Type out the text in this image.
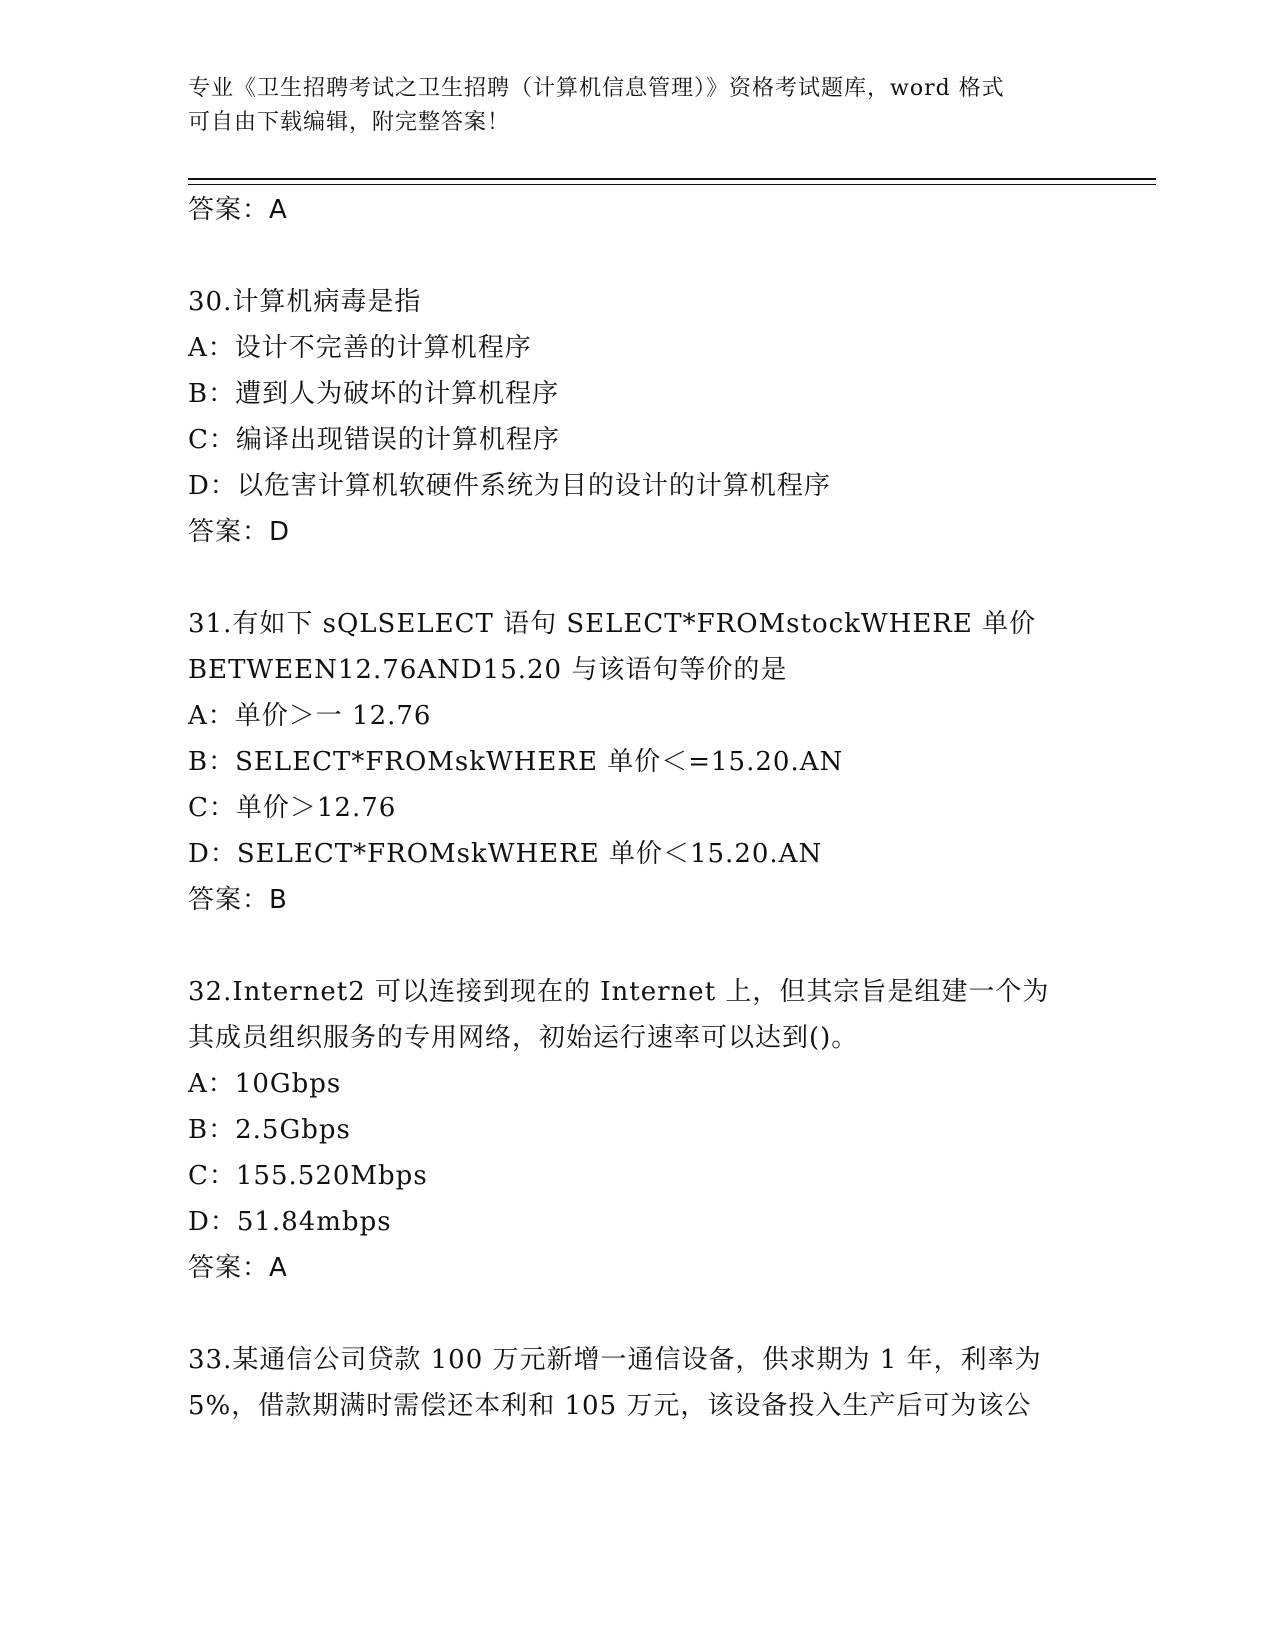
专业《卫生招聘考试之卫生招聘（计算机信息管理）》资格考试题库，word 格式
可自由下载编辑，附完整答案！
答案：A
30.计算机病毒是指
A：设计不完善的计算机程序
B：遭到人为破坏的计算机程序
C：编译出现错误的计算机程序
D：以危害计算机软硬件系统为目的设计的计算机程序
答案：D
31.有如下 sQLSELECT 语句 SELECT*FROMstockWHERE 单价
BETWEEN12.76AND15.20 与该语句等价的是
A：单价＞一 12.76
B：SELECT*FROMskWHERE 单价＜=15.20.AN
C：单价＞12.76
D：SELECT*FROMskWHERE 单价＜15.20.AN
答案：B
32.Internet2 可以连接到现在的 Internet 上，但其宗旨是组建一个为
其成员组织服务的专用网络，初始运行速率可以达到()。
A：10Gbps
B：2.5Gbps
C：155.520Mbps
D：51.84mbps
答案：A
33.某通信公司贷款 100 万元新增一通信设备，供求期为 1 年，利率为
5%，借款期满时需偿还本利和 105 万元，该设备投入生产后可为该公
